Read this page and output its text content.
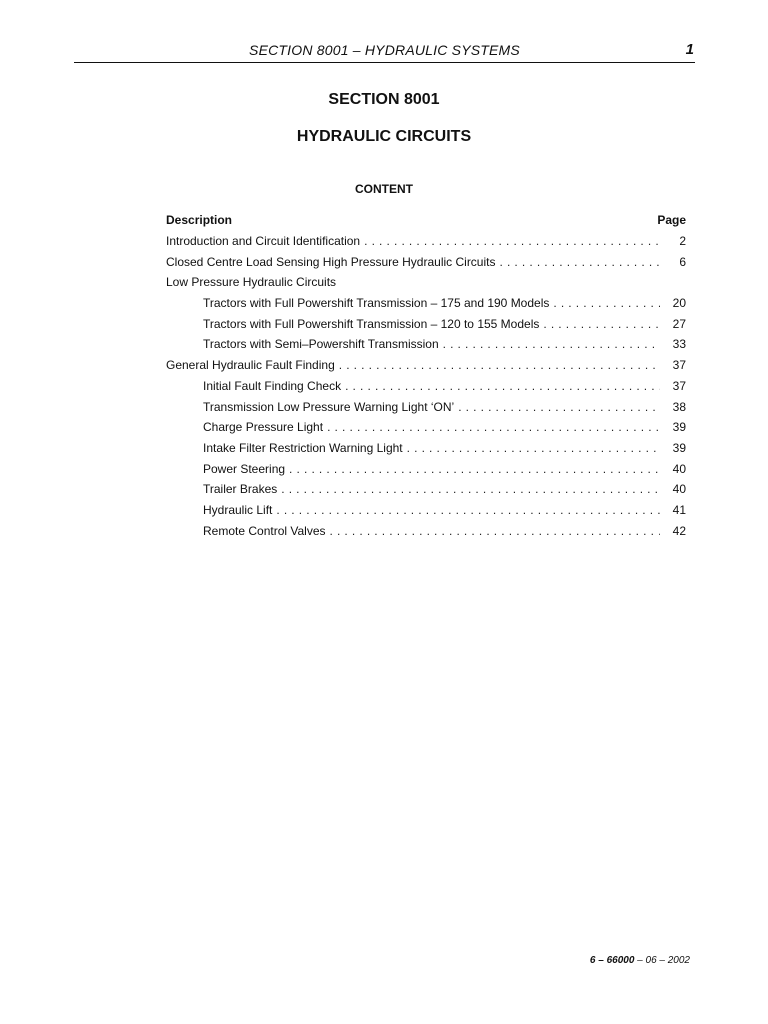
SECTION 8001 – HYDRAULIC SYSTEMS	1
SECTION 8001
HYDRAULIC CIRCUITS
CONTENT
Description	Page
Introduction and Circuit Identification . . .	2
Closed Centre Load Sensing High Pressure Hydraulic Circuits . . .	6
Low Pressure Hydraulic Circuits
Tractors with Full Powershift Transmission – 175 and 190 Models . . .	20
Tractors with Full Powershift Transmission – 120 to 155 Models . . .	27
Tractors with Semi–Powershift Transmission . . .	33
General Hydraulic Fault Finding . . .	37
Initial Fault Finding Check . . .	37
Transmission Low Pressure Warning Light ‘ON’ . . .	38
Charge Pressure Light . . .	39
Intake Filter Restriction Warning Light . . .	39
Power Steering . . .	40
Trailer Brakes . . .	40
Hydraulic Lift . . .	41
Remote Control Valves . . .	42
6 – 66000 – 06 – 2002
